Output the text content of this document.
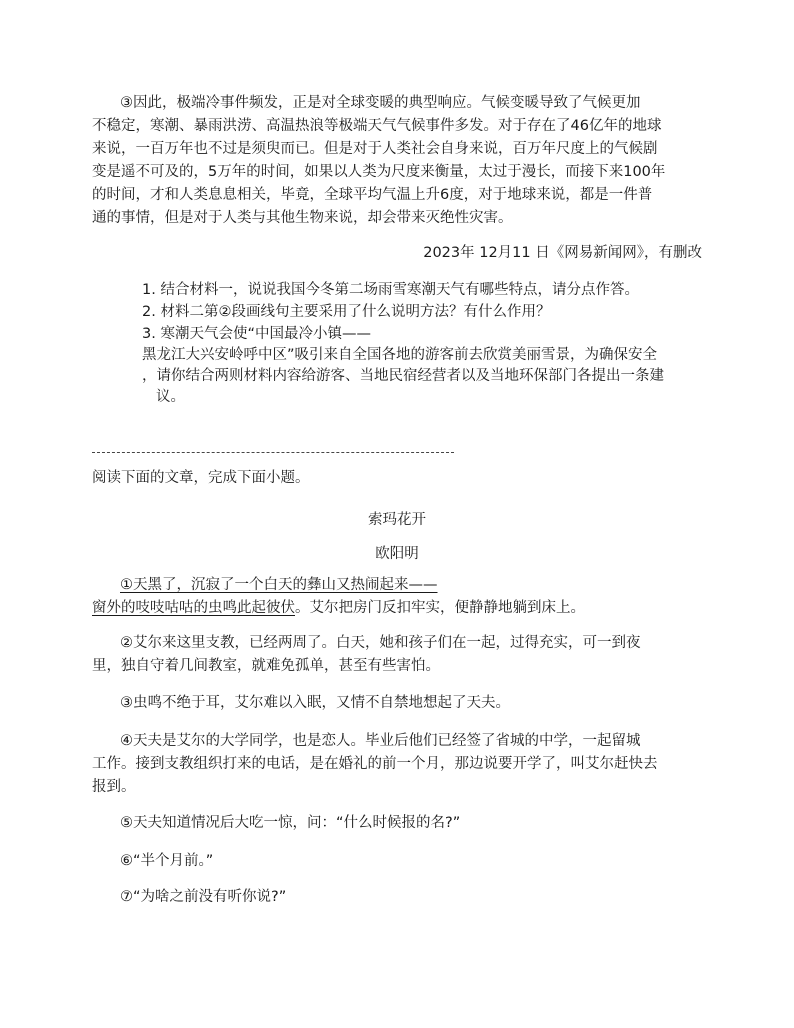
③因此，极端冷事件频发，正是对全球变暖的典型响应。气候变暖导致了气候更加
不稳定，寒潮、暴雨洪涝、高温热浪等极端天气气候事件多发。对于存在了46亿年的地球
来说，一百万年也不过是须臾而已。但是对于人类社会自身来说，百万年尺度上的气候剧
变是遥不可及的，5万年的时间，如果以人类为尺度来衡量，太过于漫长，而接下来100年
的时间，才和人类息息相关，毕竟，全球平均气温上升6度，对于地球来说，都是一件普
通的事情，但是对于人类与其他生物来说，却会带来灭绝性灾害。

2023年 12月11 日《网易新闻网》，有删改
1. 结合材料一，说说我国今冬第二场雨雪寒潮天气有哪些特点，请分点作答。
2. 材料二第②段画线句主要采用了什么说明方法？有什么作用？
3. 寒潮天气会使“中国最冷小镇——
黑龙江大兴安岭呼中区”吸引来自全国各地的游客前去欣赏美丽雪景，为确保安全
，请你结合两则材料内容给游客、当地民宿经营者以及当地环保部门各提出一条建
议。
阅读下面的文章，完成下面小题。
索玛花开
欧阳明

①天黑了，沉寂了一个白天的彝山又热闹起来——
窗外的吱吱咕咕的虫鸣此起彼伏。艾尔把房门反扣牢实，便静静地躺到床上。

②艾尔来这里支教，已经两周了。白天，她和孩子们在一起，过得充实，可一到夜
里，独自守着几间教室，就难免孤单，甚至有些害怕。

③虫鸣不绝于耳，艾尔难以入眠，又情不自禁地想起了天夫。

④天夫是艾尔的大学同学，也是恋人。毕业后他们已经签了省城的中学，一起留城
工作。接到支教组织打来的电话，是在婚礼的前一个月，那边说要开学了，叫艾尔赶快去
报到。

⑤天夫知道情况后大吃一惊，问：“什么时候报的名?”

⑥“半个月前。”

⑦“为啥之前没有听你说?”
